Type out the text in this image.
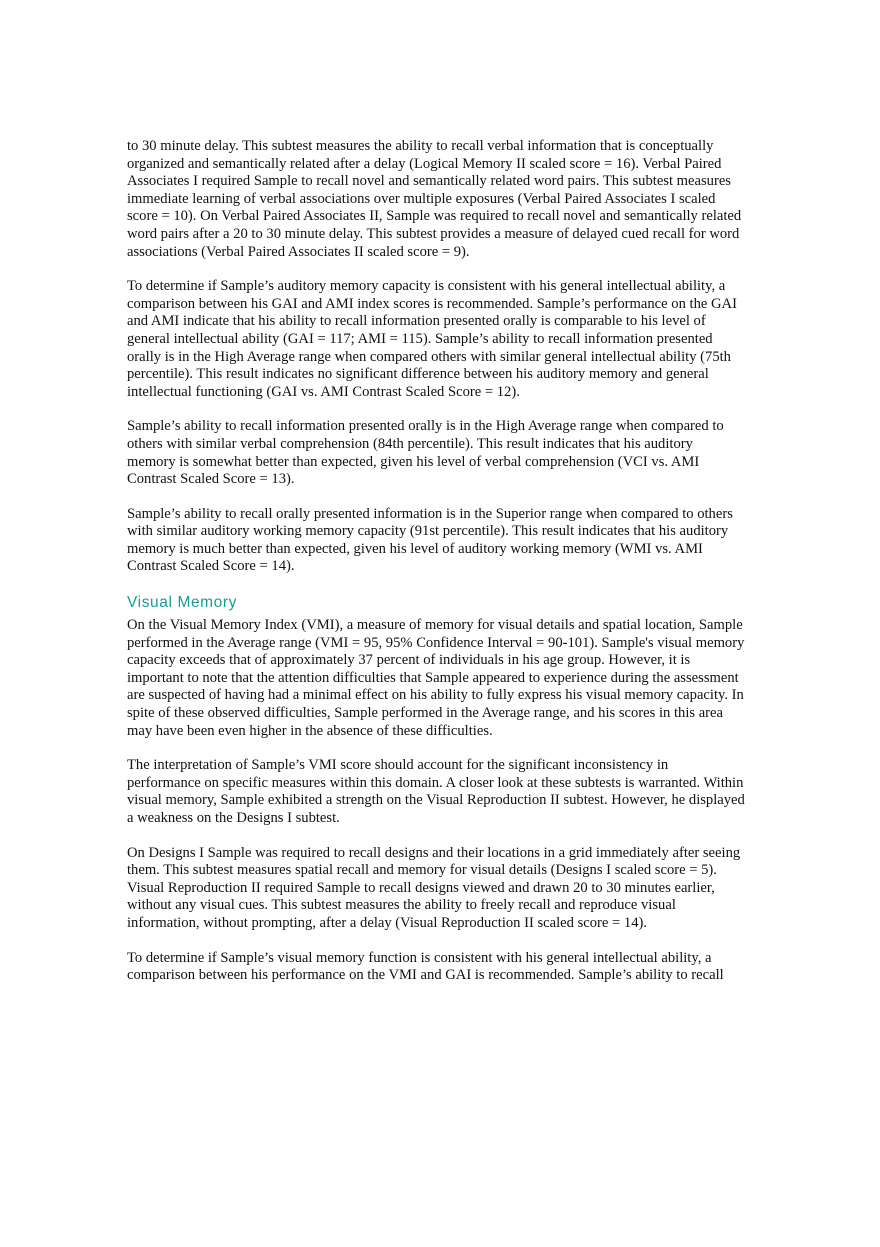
to 30 minute delay. This subtest measures the ability to recall verbal information that is conceptually organized and semantically related after a delay (Logical Memory II scaled score = 16). Verbal Paired Associates I required Sample to recall novel and semantically related word pairs. This subtest measures immediate learning of verbal associations over multiple exposures (Verbal Paired Associates I scaled score = 10). On Verbal Paired Associates II, Sample was required to recall novel and semantically related word pairs after a 20 to 30 minute delay. This subtest provides a measure of delayed cued recall for word associations (Verbal Paired Associates II scaled score = 9).

To determine if Sample’s auditory memory capacity is consistent with his general intellectual ability, a comparison between his GAI and AMI index scores is recommended. Sample’s performance on the GAI and AMI indicate that his ability to recall information presented orally is comparable to his level of general intellectual ability (GAI = 117; AMI = 115). Sample’s ability to recall information presented orally is in the High Average range when compared others with similar general intellectual ability (75th percentile). This result indicates no significant difference between his auditory memory and general intellectual functioning (GAI vs. AMI Contrast Scaled Score = 12).

Sample’s ability to recall information presented orally is in the High Average range when compared to others with similar verbal comprehension (84th percentile). This result indicates that his auditory memory is somewhat better than expected, given his level of verbal comprehension (VCI vs. AMI Contrast Scaled Score = 13).

Sample’s ability to recall orally presented information is in the Superior range when compared to others with similar auditory working memory capacity (91st percentile). This result indicates that his auditory memory is much better than expected, given his level of auditory working memory (WMI vs. AMI Contrast Scaled Score = 14).

Visual Memory

On the Visual Memory Index (VMI), a measure of memory for visual details and spatial location, Sample performed in the Average range (VMI = 95, 95% Confidence Interval = 90-101). Sample's visual memory capacity exceeds that of approximately 37 percent of individuals in his age group. However, it is important to note that the attention difficulties that Sample appeared to experience during the assessment are suspected of having had a minimal effect on his ability to fully express his visual memory capacity. In spite of these observed difficulties, Sample performed in the Average range, and his scores in this area may have been even higher in the absence of these difficulties.

The interpretation of Sample’s VMI score should account for the significant inconsistency in performance on specific measures within this domain. A closer look at these subtests is warranted. Within visual memory, Sample exhibited a strength on the Visual Reproduction II subtest. However, he displayed a weakness on the Designs I subtest.

On Designs I Sample was required to recall designs and their locations in a grid immediately after seeing them. This subtest measures spatial recall and memory for visual details (Designs I scaled score = 5). Visual Reproduction II required Sample to recall designs viewed and drawn 20 to 30 minutes earlier, without any visual cues. This subtest measures the ability to freely recall and reproduce visual information, without prompting, after a delay (Visual Reproduction II scaled score = 14).

To determine if Sample’s visual memory function is consistent with his general intellectual ability, a comparison between his performance on the VMI and GAI is recommended. Sample’s ability to recall
